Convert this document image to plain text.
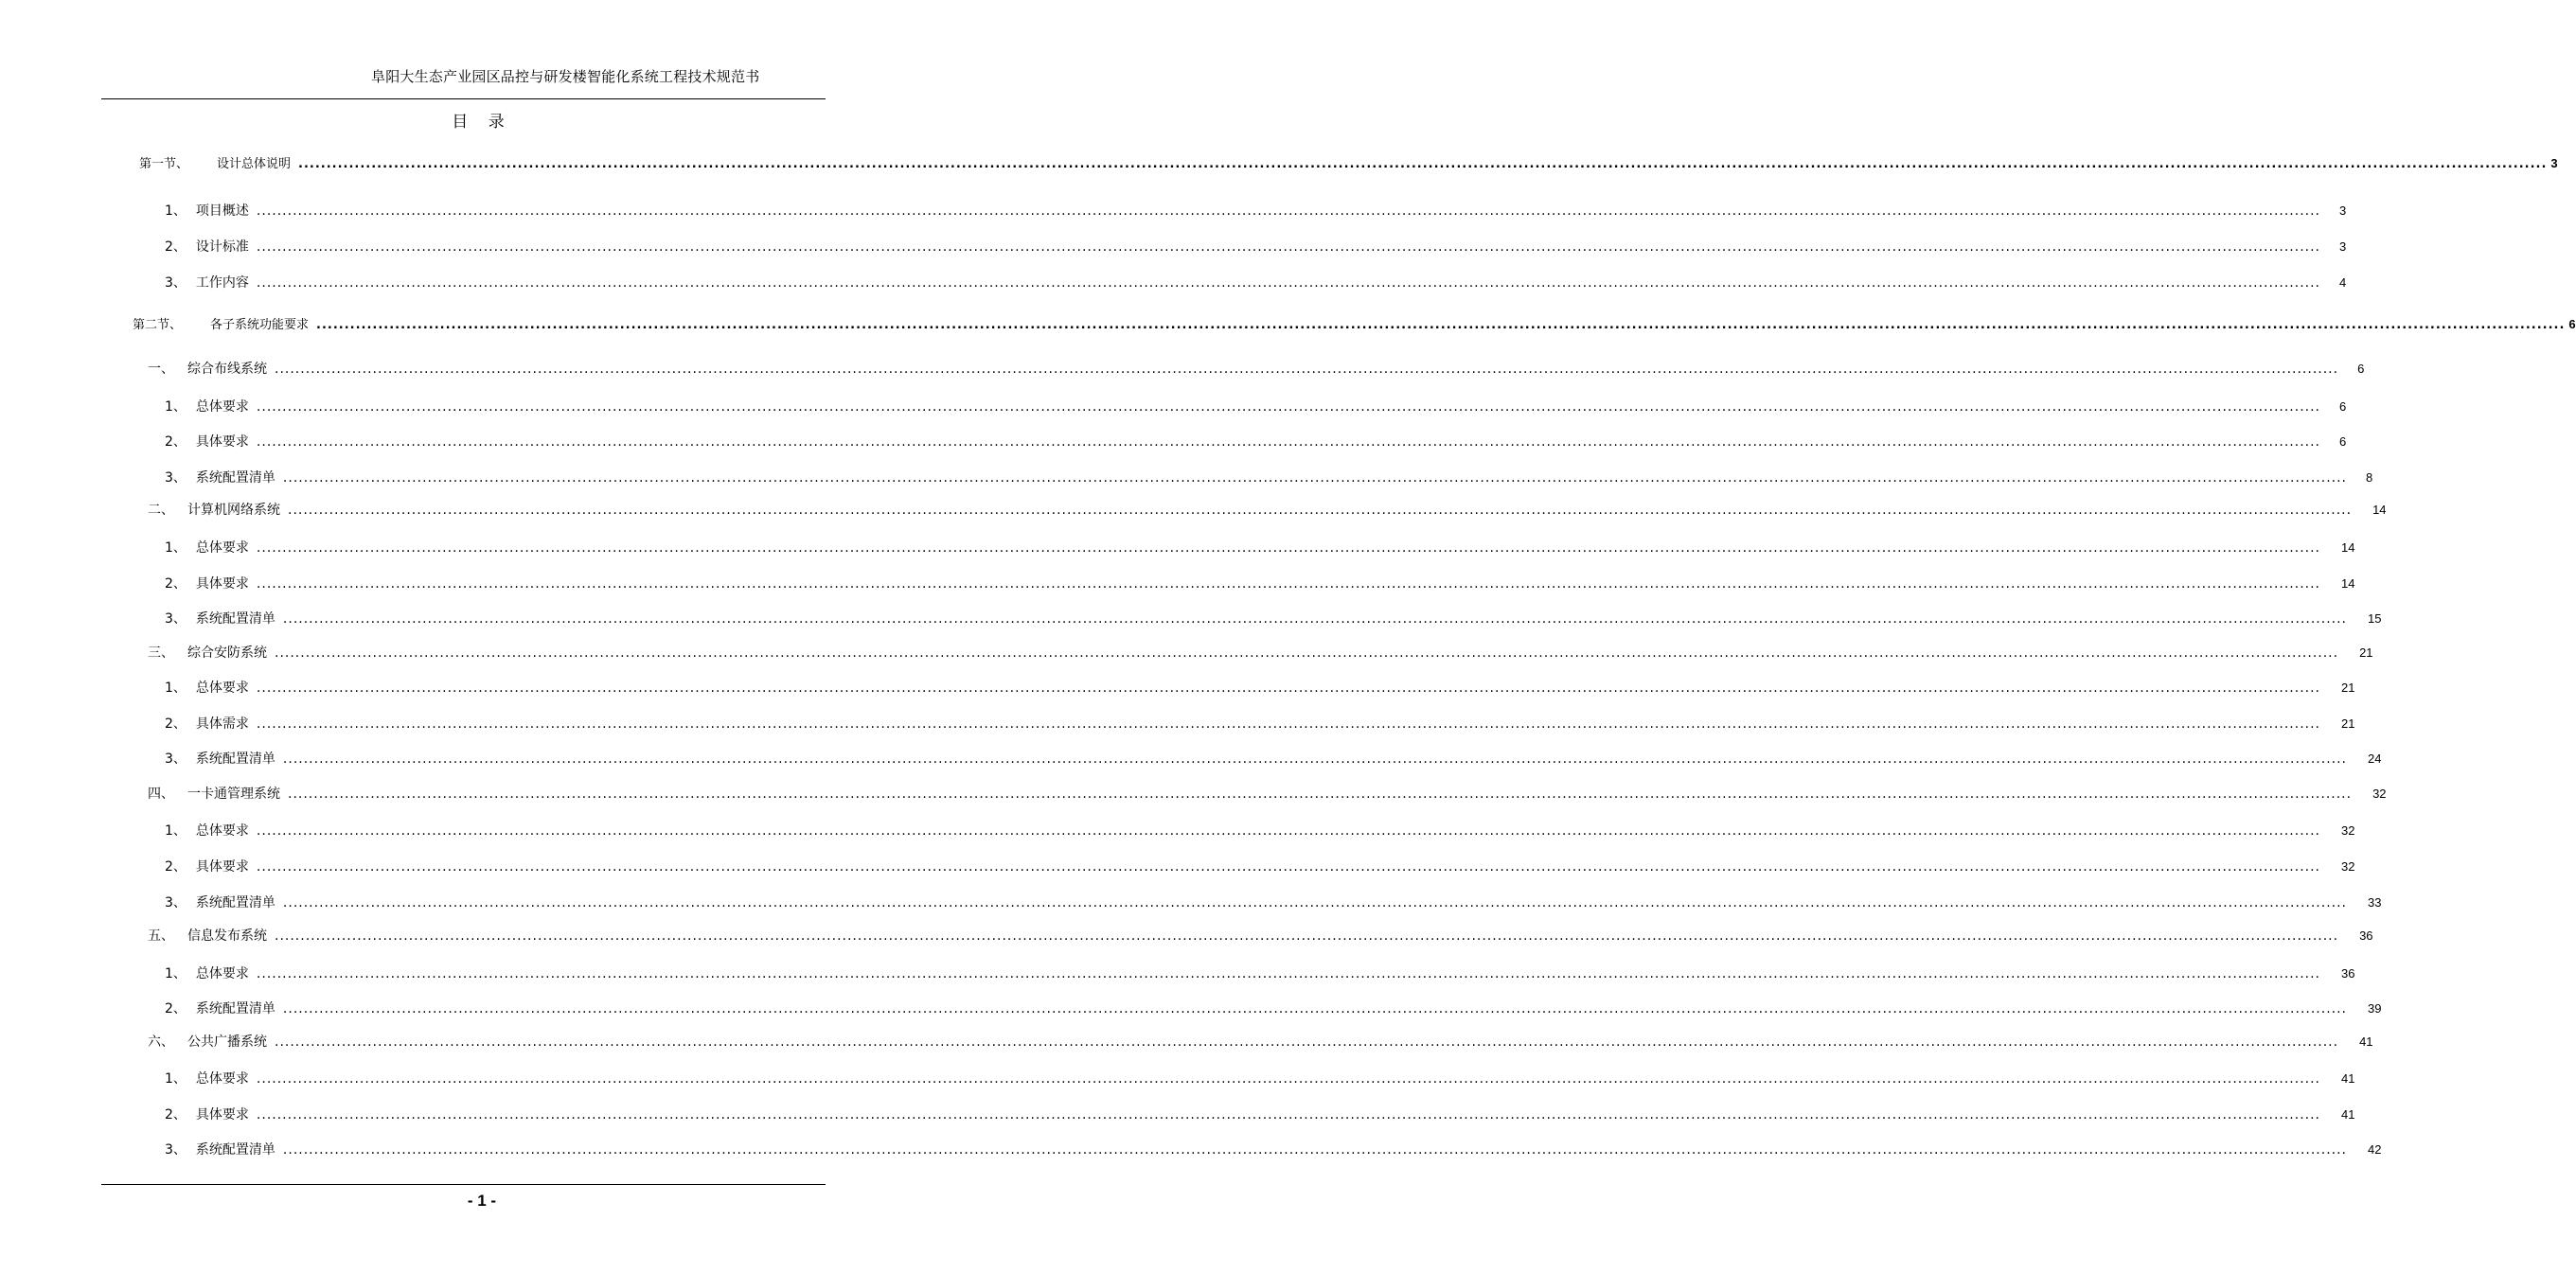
阜阳大生态产业园区品控与研发楼智能化系统工程技术规范书
目 录
第一节、 设计总体说明 ................................................................................................................................................................................................................................................................................................................................................................................................................ 3
1、 项目概述 ................................................................................................................................................................................................................................................................................................................................................................................................................ 3
2、 设计标准 ................................................................................................................................................................................................................................................................................................................................................................................................................ 3
3、 工作内容 ................................................................................................................................................................................................................................................................................................................................................................................................................ 4
第二节、 各子系统功能要求 ................................................................................................................................................................................................................................................................................................................................................................................................................ 6
一、 综合布线系统 ................................................................................................................................................................................................................................................................................................................................................................................................................ 6
1、 总体要求 ................................................................................................................................................................................................................................................................................................................................................................................................................ 6
2、 具体要求 ................................................................................................................................................................................................................................................................................................................................................................................................................ 6
3、 系统配置清单 ................................................................................................................................................................................................................................................................................................................................................................................................................ 8
二、 计算机网络系统 ................................................................................................................................................................................................................................................................................................................................................................................................................ 14
1、 总体要求 ................................................................................................................................................................................................................................................................................................................................................................................................................ 14
2、 具体要求 ................................................................................................................................................................................................................................................................................................................................................................................................................ 14
3、 系统配置清单 ................................................................................................................................................................................................................................................................................................................................................................................................................ 15
三、 综合安防系统 ................................................................................................................................................................................................................................................................................................................................................................................................................ 21
1、 总体要求 ................................................................................................................................................................................................................................................................................................................................................................................................................ 21
2、 具体需求 ................................................................................................................................................................................................................................................................................................................................................................................................................ 21
3、 系统配置清单 ................................................................................................................................................................................................................................................................................................................................................................................................................ 24
四、 一卡通管理系统 ................................................................................................................................................................................................................................................................................................................................................................................................................ 32
1、 总体要求 ................................................................................................................................................................................................................................................................................................................................................................................................................ 32
2、 具体要求 ................................................................................................................................................................................................................................................................................................................................................................................................................ 32
3、 系统配置清单 ................................................................................................................................................................................................................................................................................................................................................................................................................ 33
五、 信息发布系统 ................................................................................................................................................................................................................................................................................................................................................................................................................ 36
1、 总体要求 ................................................................................................................................................................................................................................................................................................................................................................................................................ 36
2、 系统配置清单 ................................................................................................................................................................................................................................................................................................................................................................................................................ 39
六、 公共广播系统 ................................................................................................................................................................................................................................................................................................................................................................................................................ 41
1、 总体要求 ................................................................................................................................................................................................................................................................................................................................................................................................................ 41
2、 具体要求 ................................................................................................................................................................................................................................................................................................................................................................................................................ 41
3、 系统配置清单 ................................................................................................................................................................................................................................................................................................................................................................................................................ 42
- 1 -
